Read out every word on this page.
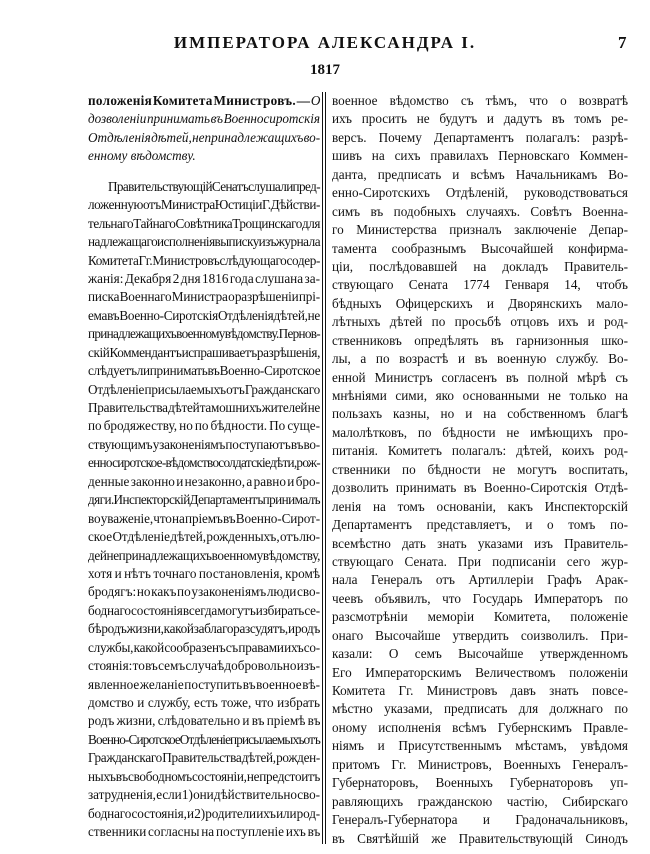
ИМПЕРАТОРА АЛЕКСАНДРА І.	7
1817
положенія Комитета Министровъ. — О
дозволеніи принимать въ Военносиротскія
Отдѣленія дѣтей, непринадлежащихъ во-
енному вѣдомству.
Правительствующій Сенатъ слушали пред-
ложенную отъ Министра Юстиціи Г. Дѣйстви-
тельнаго Тайнаго Совѣтника Трощинскаго для
надлежащаго исполненія выписку изъ журнала
Комитета Гг. Министровъ слѣдующаго содер-
жанія: Декабря 2 дня 1816 года слушана за-
писка Военнаго Министра о разрѣшеніи прі-
ема въ Военно-Сиротскія Отдѣленія дѣтей, не
принадлежащихъ военному вѣдомству. Пернов-
скій Коммендантъ испрашиваетъ разрѣшенія,
слѣдуетъ ли принимать въ Военно-Сиротское
Отдѣленіе присылаемыхъ отъ Гражданскаго
Правительства дѣтей тамошнихъ жителей не
по бродяжеству, но по бѣдности. По суще-
ствующимъ узаконеніямъ поступаютъ въ во-
енносиротское-вѣдомство солдатскіе дѣти, рож-
денные законно и незаконно, а равно и бро-
дяги. Инспекторскій Департаментъ принималъ
во уваженіе, что на пріемъ въ Военно-Сирот-
ское Отдѣленіе дѣтей, рожденныхъ, отъ лю-
дей не принадлежащихъ военному вѣдомству,
хотя и нѣтъ точнаго постановленія, кромѣ
бродягъ: но какъ по узаконеніямъ люди сво-
боднаго состоянія всегда могутъ избирать се-
бѣ родъ жизни, какой заблагоразсудятъ, и родъ
службы, какой сообразенъ съ правами ихъ со-
стоянія: то въ семъ случаѣ добровольно изъ-
явленное желаніе поступить въ военное вѣ-
домство и службу, есть тоже, что избрать
родъ жизни, слѣдовательно и въ пріемѣ въ
Военно-Сиротское Отдѣленіе присылаемыхъ отъ
Гражданскаго Правительства дѣтей, рожден-
ныхъ въ свободномъ состояніи, не предстоитъ
затрудненія, если 1) они дѣйствительно сво-
боднаго состоянія, и 2) родители ихъ или род-
ственники согласны на поступленіе ихъ въ
военное вѣдомство съ тѣмъ, что о возвратѣ
ихъ просить не будутъ и дадутъ въ томъ ре-
версъ. Почему Департаментъ полагалъ: разрѣ-
шивъ на сихъ правилахъ Перновскаго Коммен-
данта, предписать и всѣмъ Начальникамъ Во-
енно-Сиротскихъ Отдѣленій, руководствоваться
симъ въ подобныхъ случаяхъ. Совѣтъ Военна-
го Министерства призналъ заключеніе Депар-
тамента сообразнымъ Высочайшей конфирма-
ціи, послѣдовавшей на докладъ Правитель-
ствующаго Сената 1774 Генваря 14, чтобъ
бѣдныхъ Офицерскихъ и Дворянскихъ мало-
лѣтныхъ дѣтей по просьбѣ отцовъ ихъ и род-
ственниковъ опредѣлять въ гарнизонныя шко-
лы, а по возрастѣ и въ военную службу. Во-
енной Министръ согласенъ въ полной мѣрѣ съ
мнѣніями сими, яко основанными не только на
пользахъ казны, но и на собственномъ благѣ
малолѣтковъ, по бѣдности не имѣющихъ про-
питанія. Комитетъ полагалъ: дѣтей, коихъ род-
ственники по бѣдности не могутъ воспитать,
дозволить принимать въ Военно-Сиротскія Отдѣ-
ленія на томъ основаніи, какъ Инспекторскій
Департаментъ представляетъ, и о томъ по-
всемѣстно дать знать указами изъ Правитель-
ствующаго Сената. При подписаніи сего жур-
нала Генералъ отъ Артиллеріи Графъ Арак-
чеевъ объявилъ, что Государь Императоръ по
разсмотрѣніи меморіи Комитета, положеніе
онаго Высочайше утвердить соизволилъ. При-
казали: О семъ Высочайше утвержденномъ
Его Императорскимъ Величествомъ положеніи
Комитета Гг. Министровъ давъ знать повсе-
мѣстно указами, предписать для должнаго по
оному исполненія всѣмъ Губернскимъ Правле-
ніямъ и Присутственнымъ мѣстамъ, увѣдомя
притомъ Гг. Министровъ, Военныхъ Генералъ-
Губернаторовъ, Военныхъ Губернаторовъ уп-
равляющихъ гражданскою частію, Сибирскаго
Генералъ-Губернатора и Градоначальниковъ,
въ Святѣйшій же Правительствующій Синодъ
